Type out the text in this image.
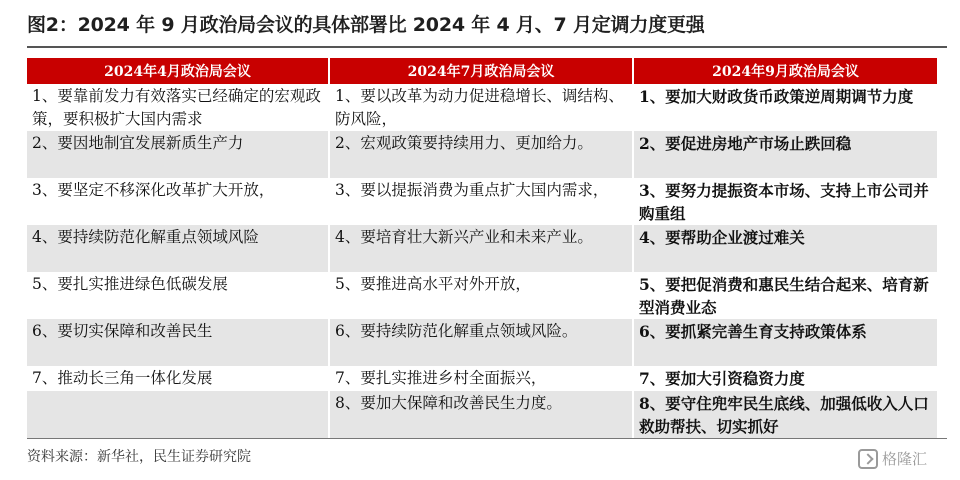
图2：2024 年 9 月政治局会议的具体部署比 2024 年 4 月、7 月定调力度更强
2024年4月政治局会议	2024年7月政治局会议	2024年9月政治局会议
1、要靠前发力有效落实已经确定的宏观政策，要积极扩大国内需求	1、要以改革为动力促进稳增长、调结构、防风险，	1、要加大财政货币政策逆周期调节力度
2、要因地制宜发展新质生产力	2、宏观政策要持续用力、更加给力。	2、要促进房地产市场止跌回稳
3、要坚定不移深化改革扩大开放，	3、要以提振消费为重点扩大国内需求，	3、要努力提振资本市场、支持上市公司并购重组
4、要持续防范化解重点领域风险	4、要培育壮大新兴产业和未来产业。	4、要帮助企业渡过难关
5、要扎实推进绿色低碳发展	5、要推进高水平对外开放，	5、要把促消费和惠民生结合起来、培育新型消费业态
6、要切实保障和改善民生	6、要持续防范化解重点领域风险。	6、要抓紧完善生育支持政策体系
7、推动长三角一体化发展	7、要扎实推进乡村全面振兴，	7、要加大引资稳资力度
	8、要加大保障和改善民生力度。	8、要守住兜牢民生底线、加强低收入人口救助帮扶、切实抓好
资料来源：新华社，民生证券研究院	格隆汇
